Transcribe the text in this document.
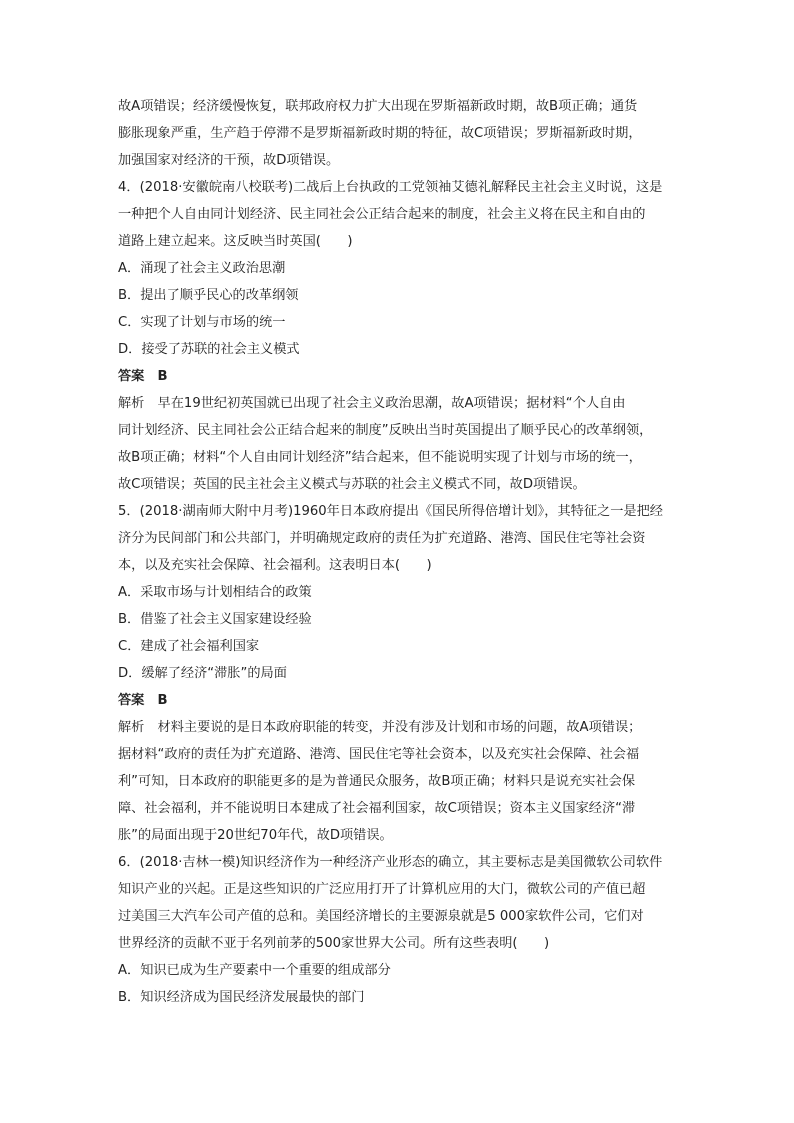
故A项错误；经济缓慢恢复，联邦政府权力扩大出现在罗斯福新政时期，故B项正确；通货
膨胀现象严重，生产趋于停滞不是罗斯福新政时期的特征，故C项错误；罗斯福新政时期，
加强国家对经济的干预，故D项错误。
4．(2018·安徽皖南八校联考)二战后上台执政的工党领袖艾德礼解释民主社会主义时说，这是
一种把个人自由同计划经济、民主同社会公正结合起来的制度，社会主义将在民主和自由的
道路上建立起来。这反映当时英国(　　)
A．涌现了社会主义政治思潮
B．提出了顺乎民心的改革纲领
C．实现了计划与市场的统一
D．接受了苏联的社会主义模式
答案　B
解析　早在19世纪初英国就已出现了社会主义政治思潮，故A项错误；据材料“个人自由
同计划经济、民主同社会公正结合起来的制度”反映出当时英国提出了顺乎民心的改革纲领，
故B项正确；材料“个人自由同计划经济”结合起来，但不能说明实现了计划与市场的统一，
故C项错误；英国的民主社会主义模式与苏联的社会主义模式不同，故D项错误。
5．(2018·湖南师大附中月考)1960年日本政府提出《国民所得倍增计划》，其特征之一是把经
济分为民间部门和公共部门，并明确规定政府的责任为扩充道路、港湾、国民住宅等社会资
本，以及充实社会保障、社会福利。这表明日本(　　)
A．采取市场与计划相结合的政策
B．借鉴了社会主义国家建设经验
C．建成了社会福利国家
D．缓解了经济“滞胀”的局面
答案　B
解析　材料主要说的是日本政府职能的转变，并没有涉及计划和市场的问题，故A项错误；
据材料“政府的责任为扩充道路、港湾、国民住宅等社会资本，以及充实社会保障、社会福
利”可知，日本政府的职能更多的是为普通民众服务，故B项正确；材料只是说充实社会保
障、社会福利，并不能说明日本建成了社会福利国家，故C项错误；资本主义国家经济“滞
胀”的局面出现于20世纪70年代，故D项错误。
6．(2018·吉林一模)知识经济作为一种经济产业形态的确立，其主要标志是美国微软公司软件
知识产业的兴起。正是这些知识的广泛应用打开了计算机应用的大门，微软公司的产值已超
过美国三大汽车公司产值的总和。美国经济增长的主要源泉就是5 000家软件公司，它们对
世界经济的贡献不亚于名列前茅的500家世界大公司。所有这些表明(　　)
A．知识已成为生产要素中一个重要的组成部分
B．知识经济成为国民经济发展最快的部门
